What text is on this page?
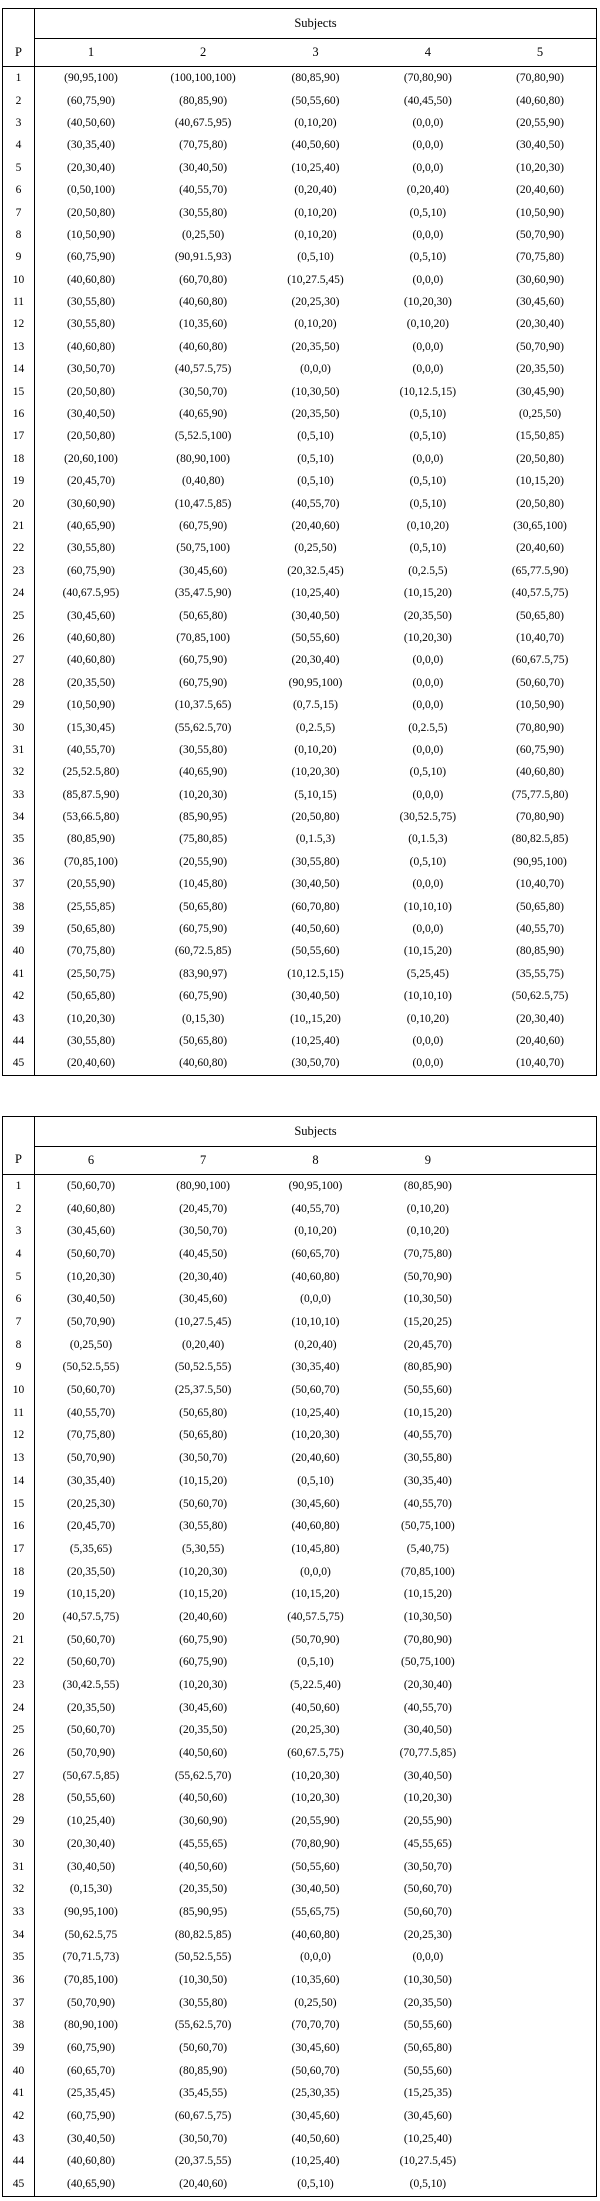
	Subjects				
P	1	2	3	4	5
1	(90,95,100)	(100,100,100)	(80,85,90)	(70,80,90)	(70,80,90)
2	(60,75,90)	(80,85,90)	(50,55,60)	(40,45,50)	(40,60,80)
3	(40,50,60)	(40,67.5,95)	(0,10,20)	(0,0,0)	(20,55,90)
4	(30,35,40)	(70,75,80)	(40,50,60)	(0,0,0)	(30,40,50)
5	(20,30,40)	(30,40,50)	(10,25,40)	(0,0,0)	(10,20,30)
6	(0,50,100)	(40,55,70)	(0,20,40)	(0,20,40)	(20,40,60)
7	(20,50,80)	(30,55,80)	(0,10,20)	(0,5,10)	(10,50,90)
8	(10,50,90)	(0,25,50)	(0,10,20)	(0,0,0)	(50,70,90)
9	(60,75,90)	(90,91.5,93)	(0,5,10)	(0,5,10)	(70,75,80)
10	(40,60,80)	(60,70,80)	(10,27.5,45)	(0,0,0)	(30,60,90)
11	(30,55,80)	(40,60,80)	(20,25,30)	(10,20,30)	(30,45,60)
12	(30,55,80)	(10,35,60)	(0,10,20)	(0,10,20)	(20,30,40)
13	(40,60,80)	(40,60,80)	(20,35,50)	(0,0,0)	(50,70,90)
14	(30,50,70)	(40,57.5,75)	(0,0,0)	(0,0,0)	(20,35,50)
15	(20,50,80)	(30,50,70)	(10,30,50)	(10,12.5,15)	(30,45,90)
16	(30,40,50)	(40,65,90)	(20,35,50)	(0,5,10)	(0,25,50)
17	(20,50,80)	(5,52.5,100)	(0,5,10)	(0,5,10)	(15,50,85)
18	(20,60,100)	(80,90,100)	(0,5,10)	(0,0,0)	(20,50,80)
19	(20,45,70)	(0,40,80)	(0,5,10)	(0,5,10)	(10,15,20)
20	(30,60,90)	(10,47.5,85)	(40,55,70)	(0,5,10)	(20,50,80)
21	(40,65,90)	(60,75,90)	(20,40,60)	(0,10,20)	(30,65,100)
22	(30,55,80)	(50,75,100)	(0,25,50)	(0,5,10)	(20,40,60)
23	(60,75,90)	(30,45,60)	(20,32.5,45)	(0,2.5,5)	(65,77.5,90)
24	(40,67.5,95)	(35,47.5,90)	(10,25,40)	(10,15,20)	(40,57.5,75)
25	(30,45,60)	(50,65,80)	(30,40,50)	(20,35,50)	(50,65,80)
26	(40,60,80)	(70,85,100)	(50,55,60)	(10,20,30)	(10,40,70)
27	(40,60,80)	(60,75,90)	(20,30,40)	(0,0,0)	(60,67.5,75)
28	(20,35,50)	(60,75,90)	(90,95,100)	(0,0,0)	(50,60,70)
29	(10,50,90)	(10,37.5,65)	(0,7.5,15)	(0,0,0)	(10,50,90)
30	(15,30,45)	(55,62.5,70)	(0,2.5,5)	(0,2.5,5)	(70,80,90)
31	(40,55,70)	(30,55,80)	(0,10,20)	(0,0,0)	(60,75,90)
32	(25,52.5,80)	(40,65,90)	(10,20,30)	(0,5,10)	(40,60,80)
33	(85,87.5,90)	(10,20,30)	(5,10,15)	(0,0,0)	(75,77.5,80)
34	(53,66.5,80)	(85,90,95)	(20,50,80)	(30,52.5,75)	(70,80,90)
35	(80,85,90)	(75,80,85)	(0,1.5,3)	(0,1.5,3)	(80,82.5,85)
36	(70,85,100)	(20,55,90)	(30,55,80)	(0,5,10)	(90,95,100)
37	(20,55,90)	(10,45,80)	(30,40,50)	(0,0,0)	(10,40,70)
38	(25,55,85)	(50,65,80)	(60,70,80)	(10,10,10)	(50,65,80)
39	(50,65,80)	(60,75,90)	(40,50,60)	(0,0,0)	(40,55,70)
40	(70,75,80)	(60,72.5,85)	(50,55,60)	(10,15,20)	(80,85,90)
41	(25,50,75)	(83,90,97)	(10,12.5,15)	(5,25,45)	(35,55,75)
42	(50,65,80)	(60,75,90)	(30,40,50)	(10,10,10)	(50,62.5,75)
43	(10,20,30)	(0,15,30)	(10,,15,20)	(0,10,20)	(20,30,40)
44	(30,55,80)	(50,65,80)	(10,25,40)	(0,0,0)	(20,40,60)
45	(20,40,60)	(40,60,80)	(30,50,70)	(0,0,0)	(10,40,70)
	Subjects				
P	6	7	8	9	
1	(50,60,70)	(80,90,100)	(90,95,100)	(80,85,90)	
2	(40,60,80)	(20,45,70)	(40,55,70)	(0,10,20)	
3	(30,45,60)	(30,50,70)	(0,10,20)	(0,10,20)	
4	(50,60,70)	(40,45,50)	(60,65,70)	(70,75,80)	
5	(10,20,30)	(20,30,40)	(40,60,80)	(50,70,90)	
6	(30,40,50)	(30,45,60)	(0,0,0)	(10,30,50)	
7	(50,70,90)	(10,27.5,45)	(10,10,10)	(15,20,25)	
8	(0,25,50)	(0,20,40)	(0,20,40)	(20,45,70)	
9	(50,52.5,55)	(50,52.5,55)	(30,35,40)	(80,85,90)	
10	(50,60,70)	(25,37.5,50)	(50,60,70)	(50,55,60)	
11	(40,55,70)	(50,65,80)	(10,25,40)	(10,15,20)	
12	(70,75,80)	(50,65,80)	(10,20,30)	(40,55,70)	
13	(50,70,90)	(30,50,70)	(20,40,60)	(30,55,80)	
14	(30,35,40)	(10,15,20)	(0,5,10)	(30,35,40)	
15	(20,25,30)	(50,60,70)	(30,45,60)	(40,55,70)	
16	(20,45,70)	(30,55,80)	(40,60,80)	(50,75,100)	
17	(5,35,65)	(5,30,55)	(10,45,80)	(5,40,75)	
18	(20,35,50)	(10,20,30)	(0,0,0)	(70,85,100)	
19	(10,15,20)	(10,15,20)	(10,15,20)	(10,15,20)	
20	(40,57.5,75)	(20,40,60)	(40,57.5,75)	(10,30,50)	
21	(50,60,70)	(60,75,90)	(50,70,90)	(70,80,90)	
22	(50,60,70)	(60,75,90)	(0,5,10)	(50,75,100)	
23	(30,42.5,55)	(10,20,30)	(5,22.5,40)	(20,30,40)	
24	(20,35,50)	(30,45,60)	(40,50,60)	(40,55,70)	
25	(50,60,70)	(20,35,50)	(20,25,30)	(30,40,50)	
26	(50,70,90)	(40,50,60)	(60,67.5,75)	(70,77.5,85)	
27	(50,67.5,85)	(55,62.5,70)	(10,20,30)	(30,40,50)	
28	(50,55,60)	(40,50,60)	(10,20,30)	(10,20,30)	
29	(10,25,40)	(30,60,90)	(20,55,90)	(20,55,90)	
30	(20,30,40)	(45,55,65)	(70,80,90)	(45,55,65)	
31	(30,40,50)	(40,50,60)	(50,55,60)	(30,50,70)	
32	(0,15,30)	(20,35,50)	(30,40,50)	(50,60,70)	
33	(90,95,100)	(85,90,95)	(55,65,75)	(50,60,70)	
34	(50,62.5,75	(80,82.5,85)	(40,60,80)	(20,25,30)	
35	(70,71.5,73)	(50,52.5,55)	(0,0,0)	(0,0,0)	
36	(70,85,100)	(10,30,50)	(10,35,60)	(10,30,50)	
37	(50,70,90)	(30,55,80)	(0,25,50)	(20,35,50)	
38	(80,90,100)	(55,62.5,70)	(70,70,70)	(50,55,60)	
39	(60,75,90)	(50,60,70)	(30,45,60)	(50,65,80)	
40	(60,65,70)	(80,85,90)	(50,60,70)	(50,55,60)	
41	(25,35,45)	(35,45,55)	(25,30,35)	(15,25,35)	
42	(60,75,90)	(60,67.5,75)	(30,45,60)	(30,45,60)	
43	(30,40,50)	(30,50,70)	(40,50,60)	(10,25,40)	
44	(40,60,80)	(20,37.5,55)	(10,25,40)	(10,27.5,45)	
45	(40,65,90)	(20,40,60)	(0,5,10)	(0,5,10)	
